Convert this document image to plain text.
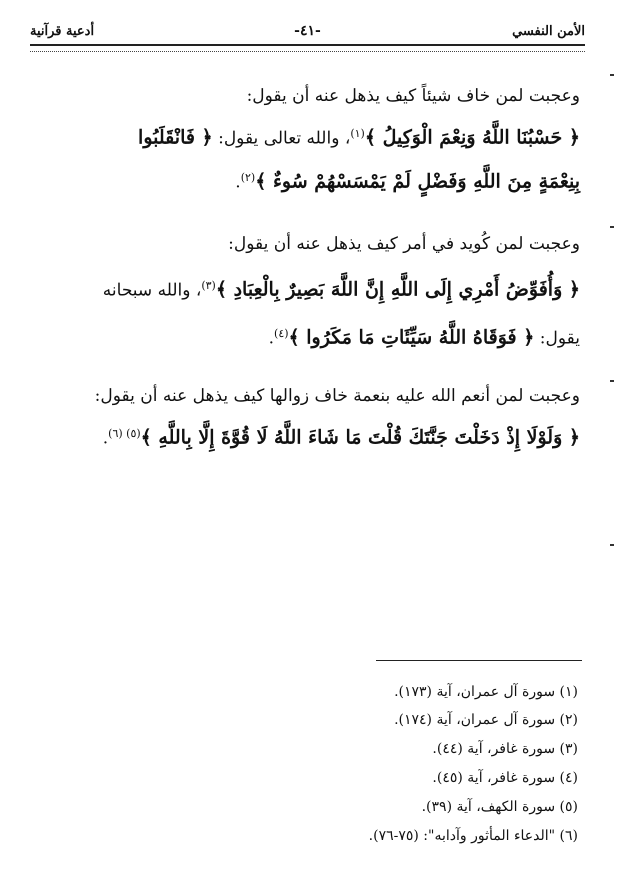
الأمن النفسي
-٤١-
أدعية قرآنية
وعجبت لمن خاف شيئاً كيف يذهل عنه أن يقول:
﴿ حَسْبُنَا اللَّهُ وَنِعْمَ الْوَكِيلُ ﴾$^{(١)}$، والله تعالى يقول: ﴿ فَانْقَلَبُوا
بِنِعْمَةٍ مِنَ اللَّهِ وَفَضْلٍ لَمْ يَمْسَسْهُمْ سُوءٌ ﴾$^{(٢)}$.
وعجبت لمن كُويد في أمر كيف يذهل عنه أن يقول:
﴿ وَأُفَوِّضُ أَمْرِي إِلَى اللَّهِ إِنَّ اللَّهَ بَصِيرٌ بِالْعِبَادِ ﴾$^{(٣)}$، والله سبحانه
يقول: ﴿ فَوَقَاهُ اللَّهُ سَيِّئَاتِ مَا مَكَرُوا ﴾$^{(٤)}$.
وعجبت لمن أنعم الله عليه بنعمة خاف زوالها كيف يذهل عنه أن يقول:
﴿ وَلَوْلَا إِذْ دَخَلْتَ جَنَّتَكَ قُلْتَ مَا شَاءَ اللَّهُ لَا قُوَّةَ إِلَّا بِاللَّهِ ﴾$^{(٥) (٦)}$.
(١) سورة آل عمران، آية (١٧٣).
(٢) سورة آل عمران، آية (١٧٤).
(٣) سورة غافر، آية (٤٤).
(٤) سورة غافر، آية (٤٥).
(٥) سورة الكهف، آية (٣٩).
(٦) "الدعاء المأثور وآدابه": (٧٥-٧٦).
